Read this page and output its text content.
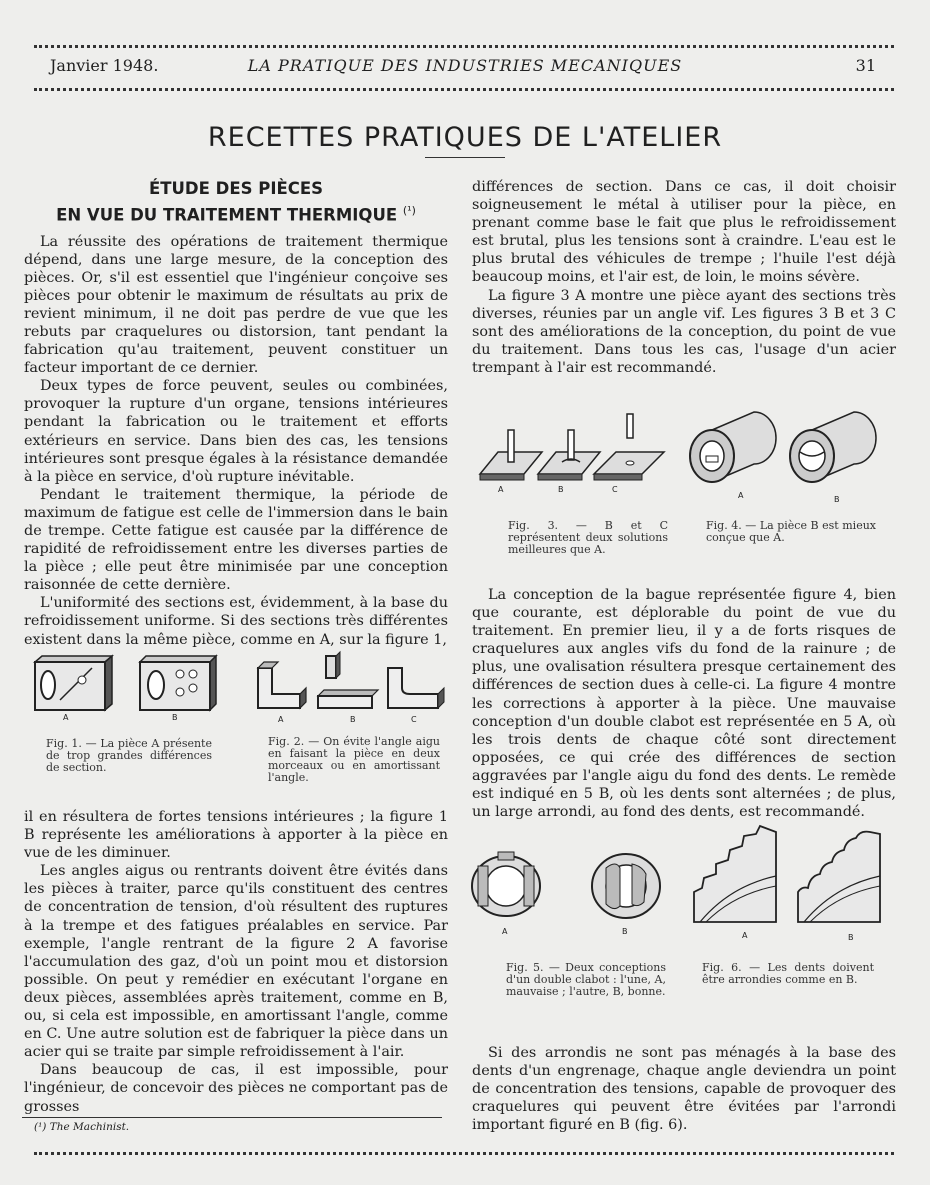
Janvier 1948.	LA PRATIQUE DES INDUSTRIES MECANIQUES	31
RECETTES PRATIQUES DE L'ATELIER
ÉTUDE DES PIÈCES
EN VUE DU TRAITEMENT THERMIQUE $^{(^1)}$

La réussite des opérations de traitement thermique dépend, dans une large mesure, de la conception des pièces. Or, s'il est essentiel que l'ingénieur conçoive ses pièces pour obtenir le maximum de résultats au prix de revient minimum, il ne doit pas perdre de vue que les rebuts par craquelures ou distorsion, tant pendant la fabrication qu'au traitement, peuvent constituer un facteur important de ce dernier.

Deux types de force peuvent, seules ou combinées, provoquer la rupture d'un organe, tensions intérieures pendant la fabrication ou le traitement et efforts extérieurs en service. Dans bien des cas, les tensions intérieures sont presque égales à la résistance demandée à la pièce en service, d'où rupture inévitable.

Pendant le traitement thermique, la période de maximum de fatigue est celle de l'immersion dans le bain de trempe. Cette fatigue est causée par la différence de rapidité de refroidissement entre les diverses parties de la pièce ; elle peut être minimisée par une conception raisonnée de cette dernière.

L'uniformité des sections est, évidemment, à la base du refroidissement uniforme. Si des sections très différentes existent dans la même pièce, comme en A, sur la figure 1,

A	B	A	B	C
Fig. 1. — La pièce A présente de trop grandes différences de section.
Fig. 2. — On évite l'angle aigu en faisant la pièce en deux morceaux ou en amortissant l'angle.

il en résultera de fortes tensions intérieures ; la figure 1 B représente les améliorations à apporter à la pièce en vue de les diminuer.

Les angles aigus ou rentrants doivent être évités dans les pièces à traiter, parce qu'ils constituent des centres de concentration de tension, d'où résultent des ruptures à la trempe et des fatigues préalables en service. Par exemple, l'angle rentrant de la figure 2 A favorise l'accumulation des gaz, d'où un point mou et distorsion possible. On peut y remédier en exécutant l'organe en deux pièces, assemblées après traitement, comme en B, ou, si cela est impossible, en amortissant l'angle, comme en C. Une autre solution est de fabriquer la pièce dans un acier qui se traite par simple refroidissement à l'air.

Dans beaucoup de cas, il est impossible, pour l'ingénieur, de concevoir des pièces ne comportant pas de grosses

(¹) The Machinist.

différences de section. Dans ce cas, il doit choisir soigneusement le métal à utiliser pour la pièce, en prenant comme base le fait que plus le refroidissement est brutal, plus les tensions sont à craindre. L'eau est le plus brutal des véhicules de trempe ; l'huile l'est déjà beaucoup moins, et l'air est, de loin, le moins sévère.

La figure 3 A montre une pièce ayant des sections très diverses, réunies par un angle vif. Les figures 3 B et 3 C sont des améliorations de la conception, du point de vue du traitement. Dans tous les cas, l'usage d'un acier trempant à l'air est recommandé.

A	B	C
A	B
Fig. 3. — B et C représentent deux solutions meilleures que A.
Fig. 4. — La pièce B est mieux conçue que A.

La conception de la bague représentée figure 4, bien que courante, est déplorable du point de vue du traitement. En premier lieu, il y a de forts risques de craquelures aux angles vifs du fond de la rainure ; de plus, une ovalisation résultera presque certainement des différences de section dues à celle-ci. La figure 4 montre les corrections à apporter à la pièce. Une mauvaise conception d'un double clabot est représentée en 5 A, où les trois dents de chaque côté sont directement opposées, ce qui crée des différences de section aggravées par l'angle aigu du fond des dents. Le remède est indiqué en 5 B, où les dents sont alternées ; de plus, un large arrondi, au fond des dents, est recommandé.

A	B	A	B
Fig. 5. — Deux conceptions d'un double clabot : l'une, A, mauvaise ; l'autre, B, bonne.
Fig. 6. — Les dents doivent être arrondies comme en B.

Si des arrondis ne sont pas ménagés à la base des dents d'un engrenage, chaque angle deviendra un point de concentration des tensions, capable de provoquer des craquelures qui peuvent être évitées par l'arrondi important figuré en B (fig. 6).
